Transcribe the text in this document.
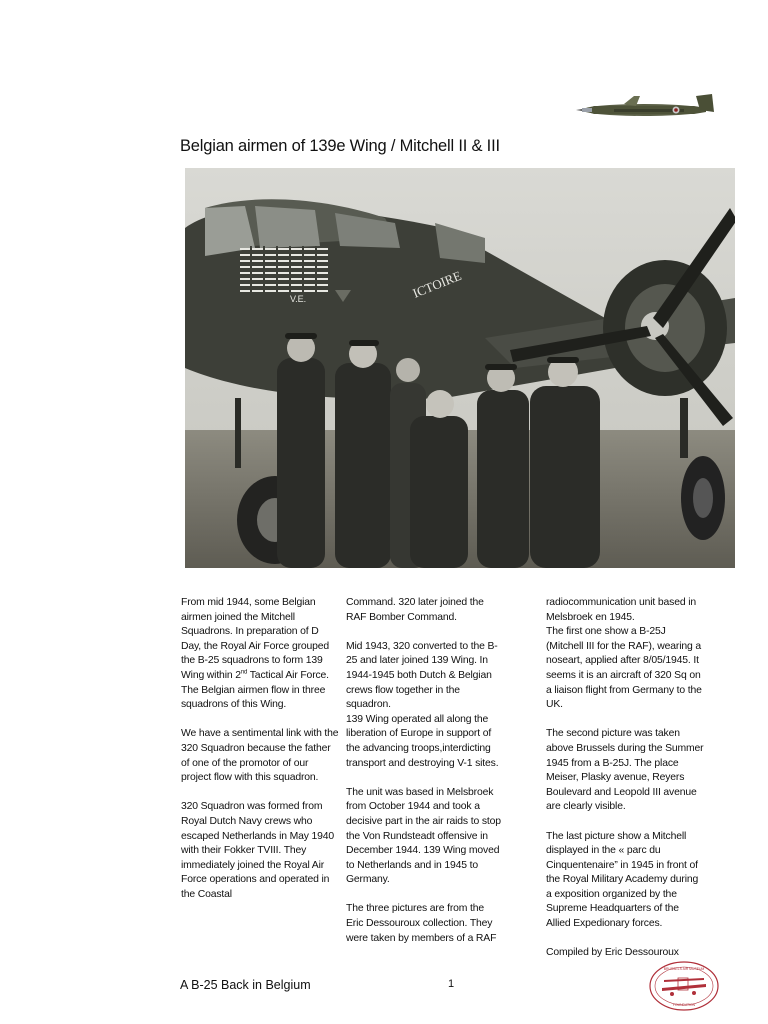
Belgian airmen of 139e Wing / Mitchell II & III
V.E.	ICTOIRE

From mid 1944, some Belgian airmen joined the Mitchell Squadrons. In preparation of D Day, the Royal Air Force grouped the B-25 squadrons to form 139 Wing within 2nd Tactical Air Force. The Belgian airmen flow in three squadrons of this Wing.

We have a sentimental link with the 320 Squadron because the father of one of the promotor of our project flow with this squadron.

320 Squadron was formed from Royal Dutch Navy crews who escaped Netherlands in May 1940 with their Fokker TVIII. They immediately joined the Royal Air Force operations and operated in the Coastal

Command. 320 later joined the RAF Bomber Command.

Mid 1943, 320 converted to the B-25 and later joined 139 Wing. In 1944-1945 both Dutch & Belgian crews flow together in the squadron.

139 Wing operated all along the liberation of Europe in support of the advancing troops,interdicting transport and destroying V-1 sites.

The unit was based in Melsbroek from October 1944 and took a decisive part in the air raids to stop the Von Rundsteadt offensive in December 1944. 139 Wing moved to Netherlands and in 1945 to Germany.

The three pictures are from the Eric Dessouroux collection. They were taken by members of a RAF

radiocommunication unit based in Melsbroek en 1945.

The first one show a B-25J (Mitchell III for the RAF), wearing a noseart, applied after 8/05/1945. It seems it is an aircraft of 320 Sq on a liaison flight from Germany to the UK.

The second picture was taken above Brussels during the Summer 1945 from a B-25J. The place Meiser, Plasky avenue, Reyers Boulevard and Leopold III avenue are clearly visible.

The last picture show a Mitchell displayed in the « parc du Cinquentenaire” in 1945 in front of the Royal Military Academy during a exposition organized by the Supreme Headquarters of the Allied Expedionary forces.

Compiled by Eric Dessouroux

A B-25 Back in Belgium	1
BRUSSELS AIR MUSEUM
FOUNDATION
